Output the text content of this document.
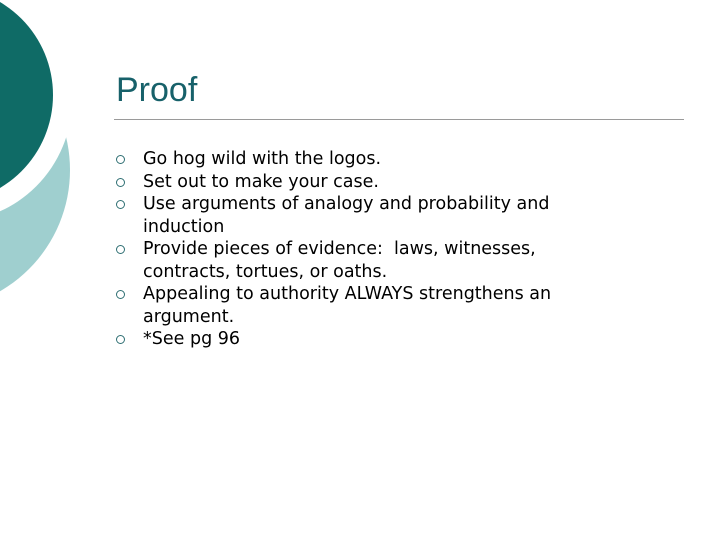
Proof
Go hog wild with the logos.
Set out to make your case.
Use arguments of analogy and probability and
induction
Provide pieces of evidence:  laws, witnesses,
contracts, tortues, or oaths.
Appealing to authority ALWAYS strengthens an
argument.
*See pg 96
